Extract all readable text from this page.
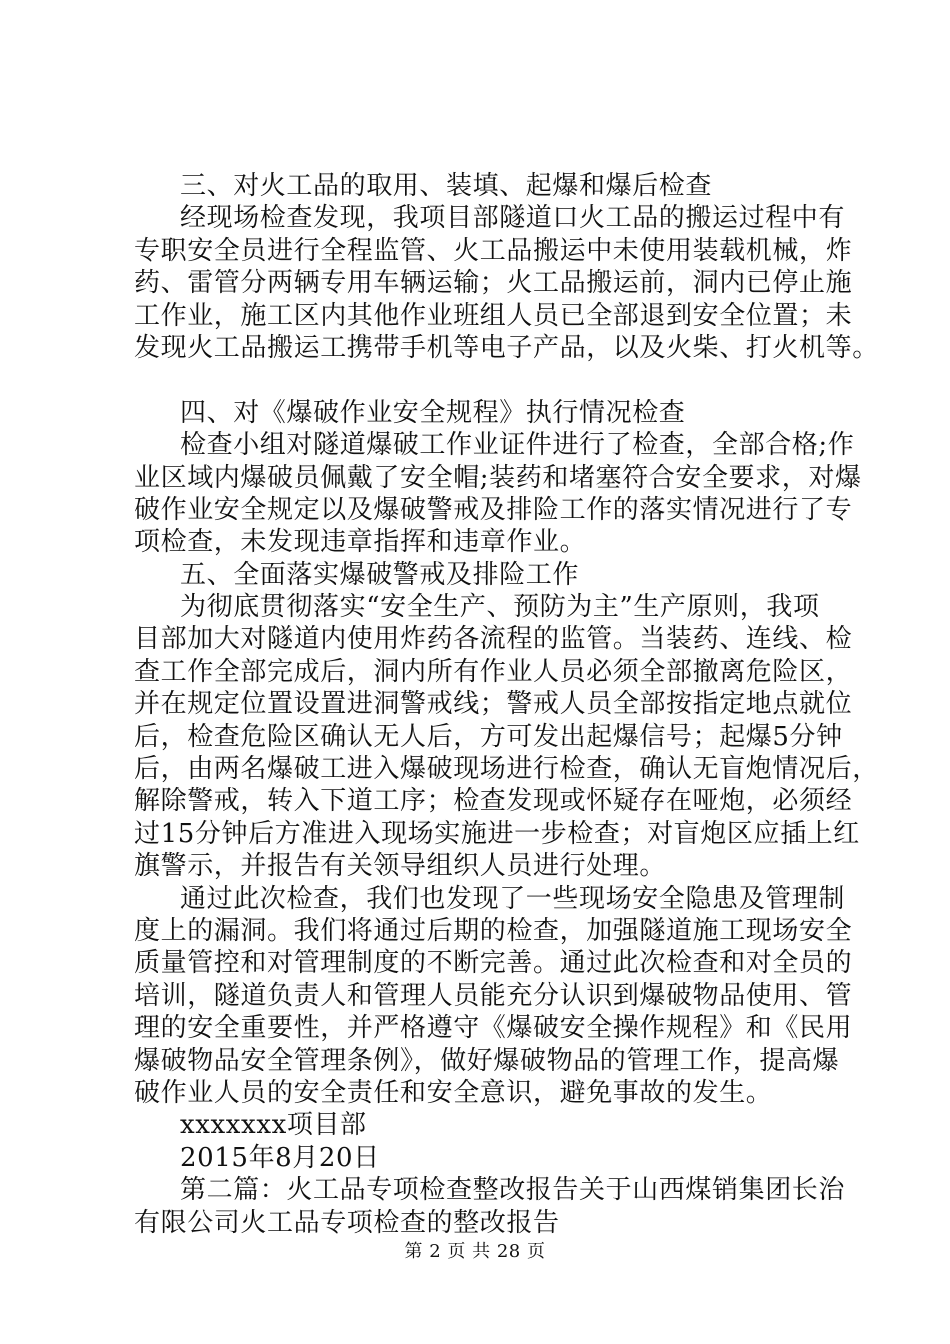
三、对火工品的取用、装填、起爆和爆后检查
经现场检查发现，我项目部隧道口火工品的搬运过程中有
专职安全员进行全程监管、火工品搬运中未使用装载机械，炸
药、雷管分两辆专用车辆运输；火工品搬运前，洞内已停止施
工作业，施工区内其他作业班组人员已全部退到安全位置；未
发现火工品搬运工携带手机等电子产品，以及火柴、打火机等。
四、对《爆破作业安全规程》执行情况检查
检查小组对隧道爆破工作业证件进行了检查，全部合格;作
业区域内爆破员佩戴了安全帽;装药和堵塞符合安全要求，对爆
破作业安全规定以及爆破警戒及排险工作的落实情况进行了专
项检查，未发现违章指挥和违章作业。
五、全面落实爆破警戒及排险工作
为彻底贯彻落实“安全生产、预防为主”生产原则，我项
目部加大对隧道内使用炸药各流程的监管。当装药、连线、检
查工作全部完成后，洞内所有作业人员必须全部撤离危险区，
并在规定位置设置进洞警戒线；警戒人员全部按指定地点就位
后，检查危险区确认无人后，方可发出起爆信号；起爆5分钟
后，由两名爆破工进入爆破现场进行检查，确认无盲炮情况后，
解除警戒，转入下道工序；检查发现或怀疑存在哑炮，必须经
过15分钟后方准进入现场实施进一步检查；对盲炮区应插上红
旗警示，并报告有关领导组织人员进行处理。
通过此次检查，我们也发现了一些现场安全隐患及管理制
度上的漏洞。我们将通过后期的检查，加强隧道施工现场安全
质量管控和对管理制度的不断完善。通过此次检查和对全员的
培训，隧道负责人和管理人员能充分认识到爆破物品使用、管
理的安全重要性，并严格遵守《爆破安全操作规程》和《民用
爆破物品安全管理条例》，做好爆破物品的管理工作，提高爆
破作业人员的安全责任和安全意识，避免事故的发生。
xxxxxxx项目部
2015年8月20日
第二篇：火工品专项检查整改报告关于山西煤销集团长治
有限公司火工品专项检查的整改报告
第 2 页 共 28 页
